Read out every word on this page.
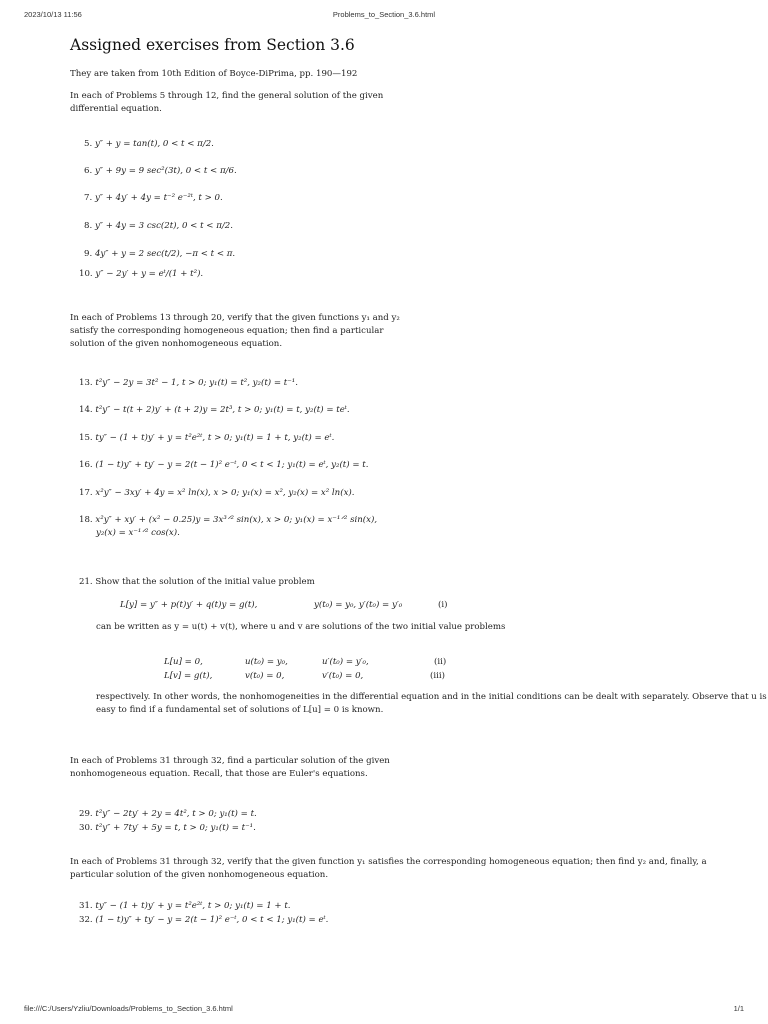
2023/10/13 11:56	Problems_to_Section_3.6.html
Assigned exercises from Section 3.6

They are taken from 10th Edition of Boyce-DiPrima, pp. 190—192

In each of Problems 5 through 12, find the general solution of the given differential equation.

5. y″ + y = tan(t), 0 < t < π/2.
6. y″ + 9y = 9 sec²(3t), 0 < t < π/6.
7. y″ + 4y′ + 4y = t⁻² e⁻²ᵗ, t > 0.
8. y″ + 4y = 3 csc(2t), 0 < t < π/2.
9. 4y″ + y = 2 sec(t/2), −π < t < π.
10. y″ − 2y′ + y = eᵗ/(1 + t²).

In each of Problems 13 through 20, verify that the given functions y₁ and y₂ satisfy the corresponding homogeneous equation; then find a particular solution of the given nonhomogeneous equation.

13. t²y″ − 2y = 3t² − 1, t > 0; y₁(t) = t², y₂(t) = t⁻¹.
14. t²y″ − t(t + 2)y′ + (t + 2)y = 2t³, t > 0; y₁(t) = t, y₂(t) = teᵗ.
15. ty″ − (1 + t)y′ + y = t²e²ᵗ, t > 0; y₁(t) = 1 + t, y₂(t) = eᵗ.
16. (1 − t)y″ + ty′ − y = 2(t − 1)² e⁻ᵗ, 0 < t < 1; y₁(t) = eᵗ, y₂(t) = t.
17. x²y″ − 3xy′ + 4y = x² ln(x), x > 0; y₁(x) = x², y₂(x) = x² ln(x).
18. x²y″ + xy′ + (x² − 0.25)y = 3x³ᐟ² sin(x), x > 0; y₁(x) = x⁻¹ᐟ² sin(x),
y₂(x) = x⁻¹ᐟ² cos(x).
21. Show that the solution of the initial value problem
L[y] = y″ + p(t)y′ + q(t)y = g(t),	y(t₀) = y₀, y′(t₀) = y′₀	(i)
can be written as y = u(t) + v(t), where u and v are solutions of the two initial value problems
L[u] = 0,	u(t₀) = y₀,	u′(t₀) = y′₀,	(ii)
L[v] = g(t),	v(t₀) = 0,	v′(t₀) = 0,	(iii)
respectively. In other words, the nonhomogeneities in the differential equation and in the initial conditions can be dealt with separately. Observe that u is easy to find if a fundamental set of solutions of L[u] = 0 is known.

In each of Problems 31 through 32, find a particular solution of the given nonhomogeneous equation. Recall, that those are Euler's equations.

29. t²y″ − 2ty′ + 2y = 4t², t > 0; y₁(t) = t.
30. t²y″ + 7ty′ + 5y = t, t > 0; y₁(t) = t⁻¹.

In each of Problems 31 through 32, verify that the given function y₁ satisfies the corresponding homogeneous equation; then find y₂ and, finally, a particular solution of the given nonhomogeneous equation.

31. ty″ − (1 + t)y′ + y = t²e²ᵗ, t > 0; y₁(t) = 1 + t.
32. (1 − t)y″ + ty′ − y = 2(t − 1)² e⁻ᵗ, 0 < t < 1; y₁(t) = eᵗ.
file:///C:/Users/Yzliu/Downloads/Problems_to_Section_3.6.html	1/1
